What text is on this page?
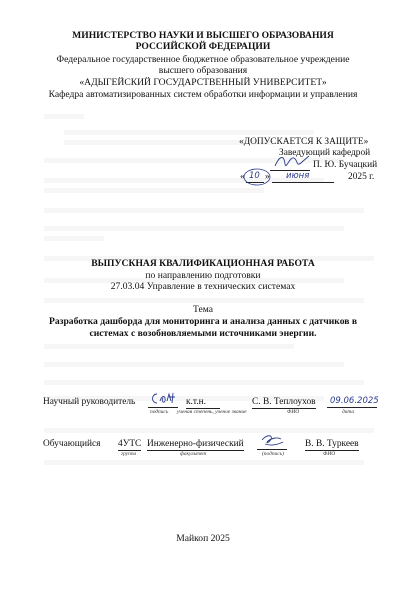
МИНИСТЕРСТВО НАУКИ И ВЫСШЕГО ОБРАЗОВАНИЯ
РОССИЙСКОЙ ФЕДЕРАЦИИ
Федеральное государственное бюджетное образовательное учреждение
высшего образования
«АДЫГЕЙСКИЙ ГОСУДАРСТВЕННЫЙ УНИВЕРСИТЕТ»
Кафедра автоматизированных систем обработки информации и управления
«ДОПУСКАЕТСЯ К ЗАЩИТЕ»
Заведующий кафедрой
П. Ю. Бучацкий
« 10 » июня	2025 г.
ВЫПУСКНАЯ КВАЛИФИКАЦИОННАЯ РАБОТА
по направлению подготовки
27.03.04 Управление в технических системах
Тема
Разработка дашборда для мониторинга и анализа данных с датчиков в
системах с возобновляемыми источниками энергии.
Научный руководитель	к.т.н.	С. В. Теплоухов 09.06.2025
подпись ученая степень, ученое звание	ФИО	дата
Обучающийся 4УТС Инженерно-физический	В. В. Туркеев
группа	факультет	(подпись)	ФИО
Майкоп 2025
